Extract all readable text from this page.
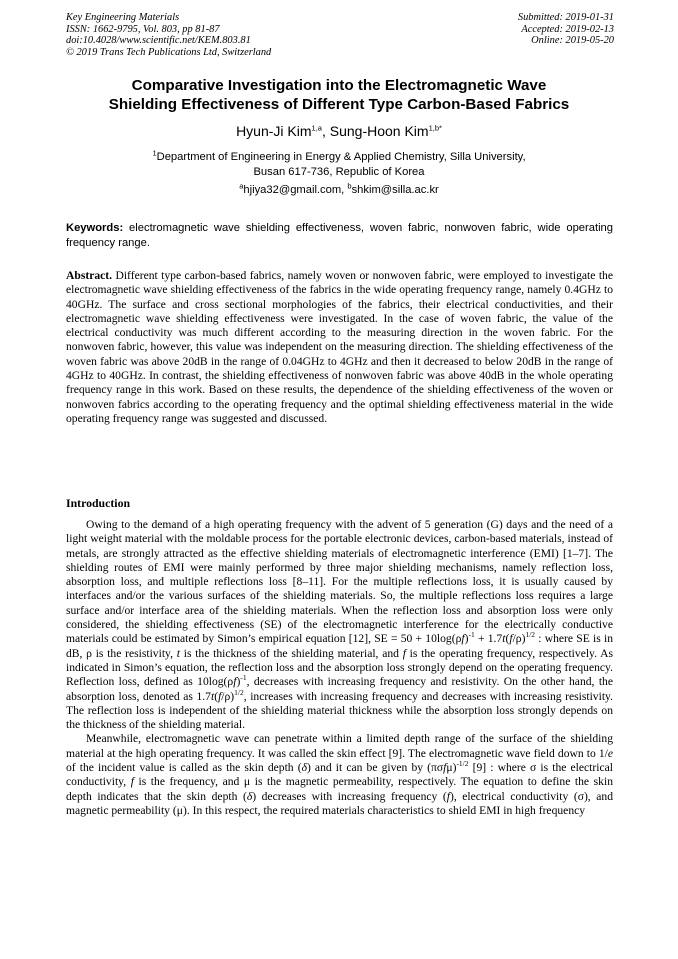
Key Engineering Materials
ISSN: 1662-9795, Vol. 803, pp 81-87
doi:10.4028/www.scientific.net/KEM.803.81
© 2019 Trans Tech Publications Ltd, Switzerland
Submitted: 2019-01-31
Accepted: 2019-02-13
Online: 2019-05-20
Comparative Investigation into the Electromagnetic Wave
Shielding Effectiveness of Different Type Carbon-Based Fabrics
Hyun-Ji Kim$^{1,a}$, Sung-Hoon Kim$^{1,b*}$
$^1$Department of Engineering in Energy & Applied Chemistry, Silla University,
Busan 617-736, Republic of Korea
$^a$hjiya32@gmail.com, $^b$shkim@silla.ac.kr
Keywords: electromagnetic wave shielding effectiveness, woven fabric, nonwoven fabric, wide operating frequency range.
Abstract. Different type carbon-based fabrics, namely woven or nonwoven fabric, were employed to investigate the electromagnetic wave shielding effectiveness of the fabrics in the wide operating frequency range, namely 0.4GHz to 40GHz. The surface and cross sectional morphologies of the fabrics, their electrical conductivities, and their electromagnetic wave shielding effectiveness were investigated. In the case of woven fabric, the value of the electrical conductivity was much different according to the measuring direction in the woven fabric. For the nonwoven fabric, however, this value was independent on the measuring direction. The shielding effectiveness of the woven fabric was above 20dB in the range of 0.04GHz to 4GHz and then it decreased to below 20dB in the range of 4GHz to 40GHz. In contrast, the shielding effectiveness of nonwoven fabric was above 40dB in the whole operating frequency range in this work. Based on these results, the dependence of the shielding effectiveness of the woven or nonwoven fabrics according to the operating frequency and the optimal shielding effectiveness material in the wide operating frequency range was suggested and discussed.
Introduction

Owing to the demand of a high operating frequency with the advent of 5 generation (G) days and the need of a light weight material with the moldable process for the portable electronic devices, carbon-based materials, instead of metals, are strongly attracted as the effective shielding materials of electromagnetic interference (EMI) [1–7]. The shielding routes of EMI were mainly performed by three major shielding mechanisms, namely reflection loss, absorption loss, and multiple reflections loss [8–11]. For the multiple reflections loss, it is usually caused by interfaces and/or the various surfaces of the shielding materials. So, the multiple reflections loss requires a large surface and/or interface area of the shielding materials. When the reflection loss and absorption loss were only considered, the shielding effectiveness (SE) of the electromagnetic interference for the electrically conductive materials could be estimated by Simon’s empirical equation [12], SE = $50 + 10\log(\rho f)^{-1} + 1.7t(f/\rho)^{1/2}$ : where SE is in dB, ρ is the resistivity, t is the thickness of the shielding material, and f is the operating frequency, respectively. As indicated in Simon’s equation, the reflection loss and the absorption loss strongly depend on the operating frequency. Reflection loss, defined as $10\log(\rho f)^{-1}$, decreases with increasing frequency and resistivity. On the other hand, the absorption loss, denoted as $1.7t(f/\rho)^{1/2}$, increases with increasing frequency and decreases with increasing resistivity. The reflection loss is independent of the shielding material thickness while the absorption loss strongly depends on the thickness of the shielding material.

Meanwhile, electromagnetic wave can penetrate within a limited depth range of the surface of the shielding material at the high operating frequency. It was called the skin effect [9]. The electromagnetic wave field down to 1/e of the incident value is called as the skin depth (δ) and it can be given by $(\pi\sigma f\mu)^{-1/2}$ [9] : where σ is the electrical conductivity, f is the frequency, and μ is the magnetic permeability, respectively. The equation to define the skin depth indicates that the skin depth (δ) decreases with increasing frequency (f), electrical conductivity (σ), and magnetic permeability (μ). In this respect, the required materials characteristics to shield EMI in high frequency
